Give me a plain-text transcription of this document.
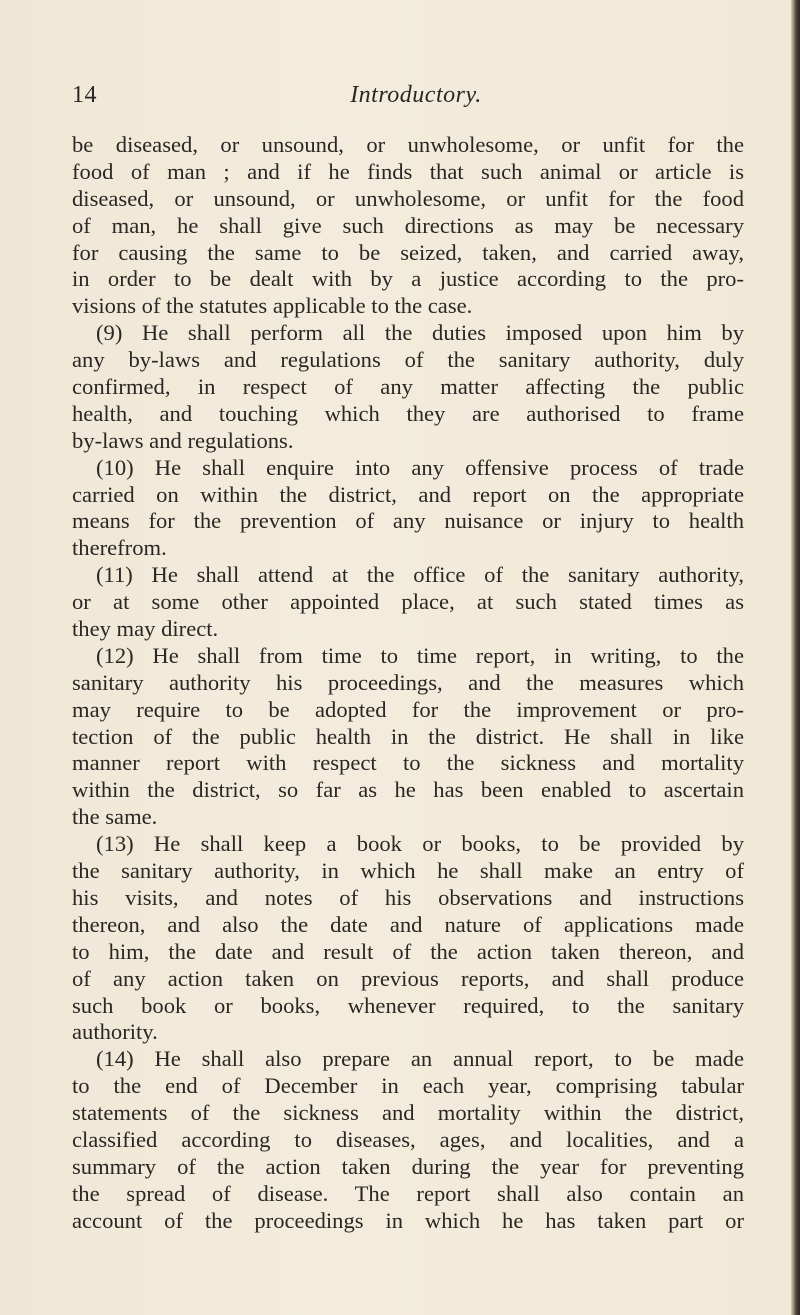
14	Introductory.
be diseased, or unsound, or unwholesome, or unfit for the
food of man ; and if he finds that such animal or article is
diseased, or unsound, or unwholesome, or unfit for the food
of man, he shall give such directions as may be necessary
for causing the same to be seized, taken, and carried away,
in order to be dealt with by a justice according to the pro-
visions of the statutes applicable to the case.
(9) He shall perform all the duties imposed upon him by
any by-laws and regulations of the sanitary authority, duly
confirmed, in respect of any matter affecting the public
health, and touching which they are authorised to frame
by-laws and regulations.
(10) He shall enquire into any offensive process of trade
carried on within the district, and report on the appropriate
means for the prevention of any nuisance or injury to health
therefrom.
(11) He shall attend at the office of the sanitary authority,
or at some other appointed place, at such stated times as
they may direct.
(12) He shall from time to time report, in writing, to the
sanitary authority his proceedings, and the measures which
may require to be adopted for the improvement or pro-
tection of the public health in the district. He shall in like
manner report with respect to the sickness and mortality
within the district, so far as he has been enabled to ascertain
the same.
(13) He shall keep a book or books, to be provided by
the sanitary authority, in which he shall make an entry of
his visits, and notes of his observations and instructions
thereon, and also the date and nature of applications made
to him, the date and result of the action taken thereon, and
of any action taken on previous reports, and shall produce
such book or books, whenever required, to the sanitary
authority.
(14) He shall also prepare an annual report, to be made
to the end of December in each year, comprising tabular
statements of the sickness and mortality within the district,
classified according to diseases, ages, and localities, and a
summary of the action taken during the year for preventing
the spread of disease. The report shall also contain an
account of the proceedings in which he has taken part or
